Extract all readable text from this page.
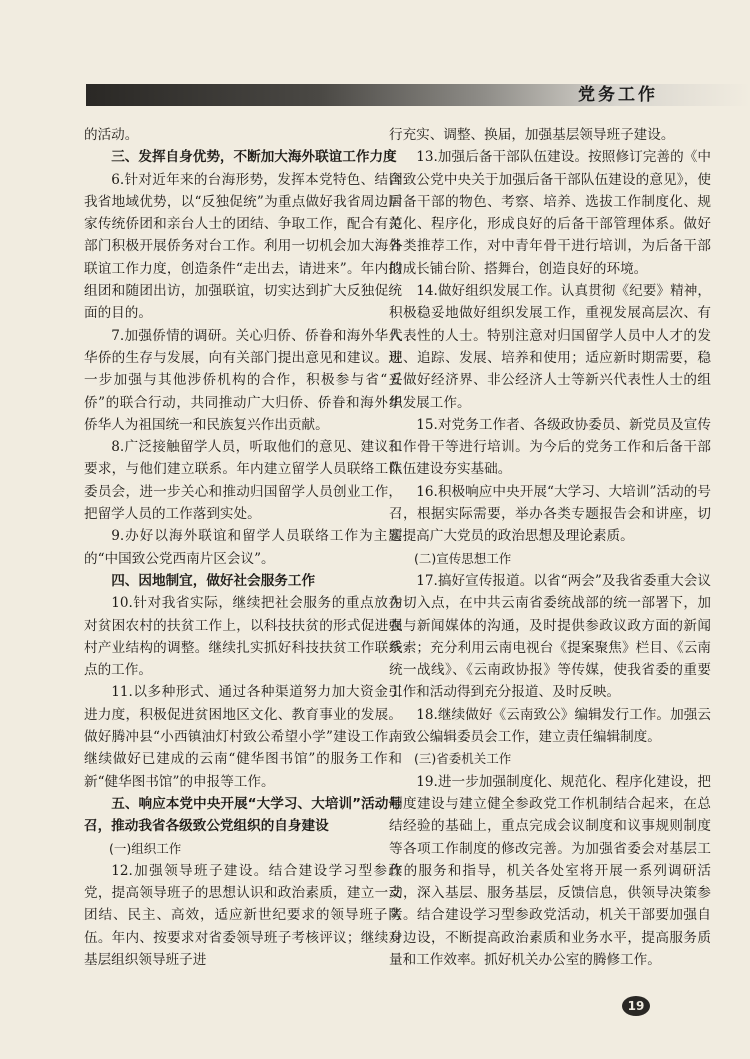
党务工作

的活动。

三、发挥自身优势，不断加大海外联谊工作力度

6.针对近年来的台海形势，发挥本党特色、结合我省地域优势，以“反独促统”为重点做好我省周边国家传统侨团和亲台人士的团结、争取工作，配合有关部门积极开展侨务对台工作。利用一切机会加大海外联谊工作力度，创造条件“走出去，请进来”。年内拟组团和随团出访，加强联谊，切实达到扩大反独促统面的目的。

7.加强侨情的调研。关心归侨、侨眷和海外华人华侨的生存与发展，向有关部门提出意见和建议。进一步加强与其他涉侨机构的合作，积极参与省“五侨”的联合行动，共同推动广大归侨、侨眷和海外华侨华人为祖国统一和民族复兴作出贡献。

8.广泛接触留学人员，听取他们的意见、建议和要求，与他们建立联系。年内建立留学人员联络工作委员会，进一步关心和推动归国留学人员创业工作，把留学人员的工作落到实处。

9.办好以海外联谊和留学人员联络工作为主题的“中国致公党西南片区会议”。

四、因地制宜，做好社会服务工作

10.针对我省实际，继续把社会服务的重点放在对贫困农村的扶贫工作上，以科技扶贫的形式促进农村产业结构的调整。继续扎实抓好科技扶贫工作联系点的工作。

11.以多种形式、通过各种渠道努力加大资金引进力度，积极促进贫困地区文化、教育事业的发展。做好腾冲县“小西镇油灯村致公希望小学”建设工作。继续做好已建成的云南“健华图书馆”的服务工作和新“健华图书馆”的申报等工作。

五、响应本党中央开展“大学习、大培训”活动号召，推动我省各级致公党组织的自身建设
(一)组织工作

12.加强领导班子建设。结合建设学习型参政党，提高领导班子的思想认识和政治素质，建立一支团结、民主、高效，适应新世纪要求的领导班子队伍。年内、按要求对省委领导班子考核评议；继续对基层组织领导班子进

行充实、调整、换届，加强基层领导班子建设。

13.加强后备干部队伍建设。按照修订完善的《中国致公党中央关于加强后备干部队伍建设的意见》，使后备干部的物色、考察、培养、选拔工作制度化、规范化、程序化，形成良好的后备干部管理体系。做好各类推荐工作，对中青年骨干进行培训，为后备干部的成长铺台阶、搭舞台，创造良好的环境。

14.做好组织发展工作。认真贯彻《纪要》精神，积极稳妥地做好组织发展工作，重视发展高层次、有代表性的人士。特别注意对归国留学人员中人才的发现、追踪、发展、培养和使用；适应新时期需要，稳妥做好经济界、非公经济人士等新兴代表性人士的组织发展工作。

15.对党务工作者、各级政协委员、新党员及宣传工作骨干等进行培训。为今后的党务工作和后备干部队伍建设夯实基础。

16.积极响应中央开展“大学习、大培训”活动的号召，根据实际需要，举办各类专题报告会和讲座，切实提高广大党员的政治思想及理论素质。

(二)宣传思想工作

17.搞好宣传报道。以省“两会”及我省委重大会议为切入点，在中共云南省委统战部的统一部署下，加强与新闻媒体的沟通，及时提供参政议政方面的新闻线索；充分利用云南电视台《提案聚焦》栏目、《云南统一战线》、《云南政协报》等传媒，使我省委的重要工作和活动得到充分报道、及时反映。

18.继续做好《云南致公》编辑发行工作。加强云南致公编辑委员会工作，建立责任编辑制度。

(三)省委机关工作

19.进一步加强制度化、规范化、程序化建设，把制度建设与建立健全参政党工作机制结合起来，在总结经验的基础上，重点完成会议制度和议事规则制度等各项工作制度的修改完善。为加强省委会对基层工作的服务和指导，机关各处室将开展一系列调研活动，深入基层、服务基层，反馈信息，供领导决策参考。结合建设学习型参政党活动，机关干部要加强自身边设，不断提高政治素质和业务水平，提高服务质量和工作效率。抓好机关办公室的腾修工作。

19
